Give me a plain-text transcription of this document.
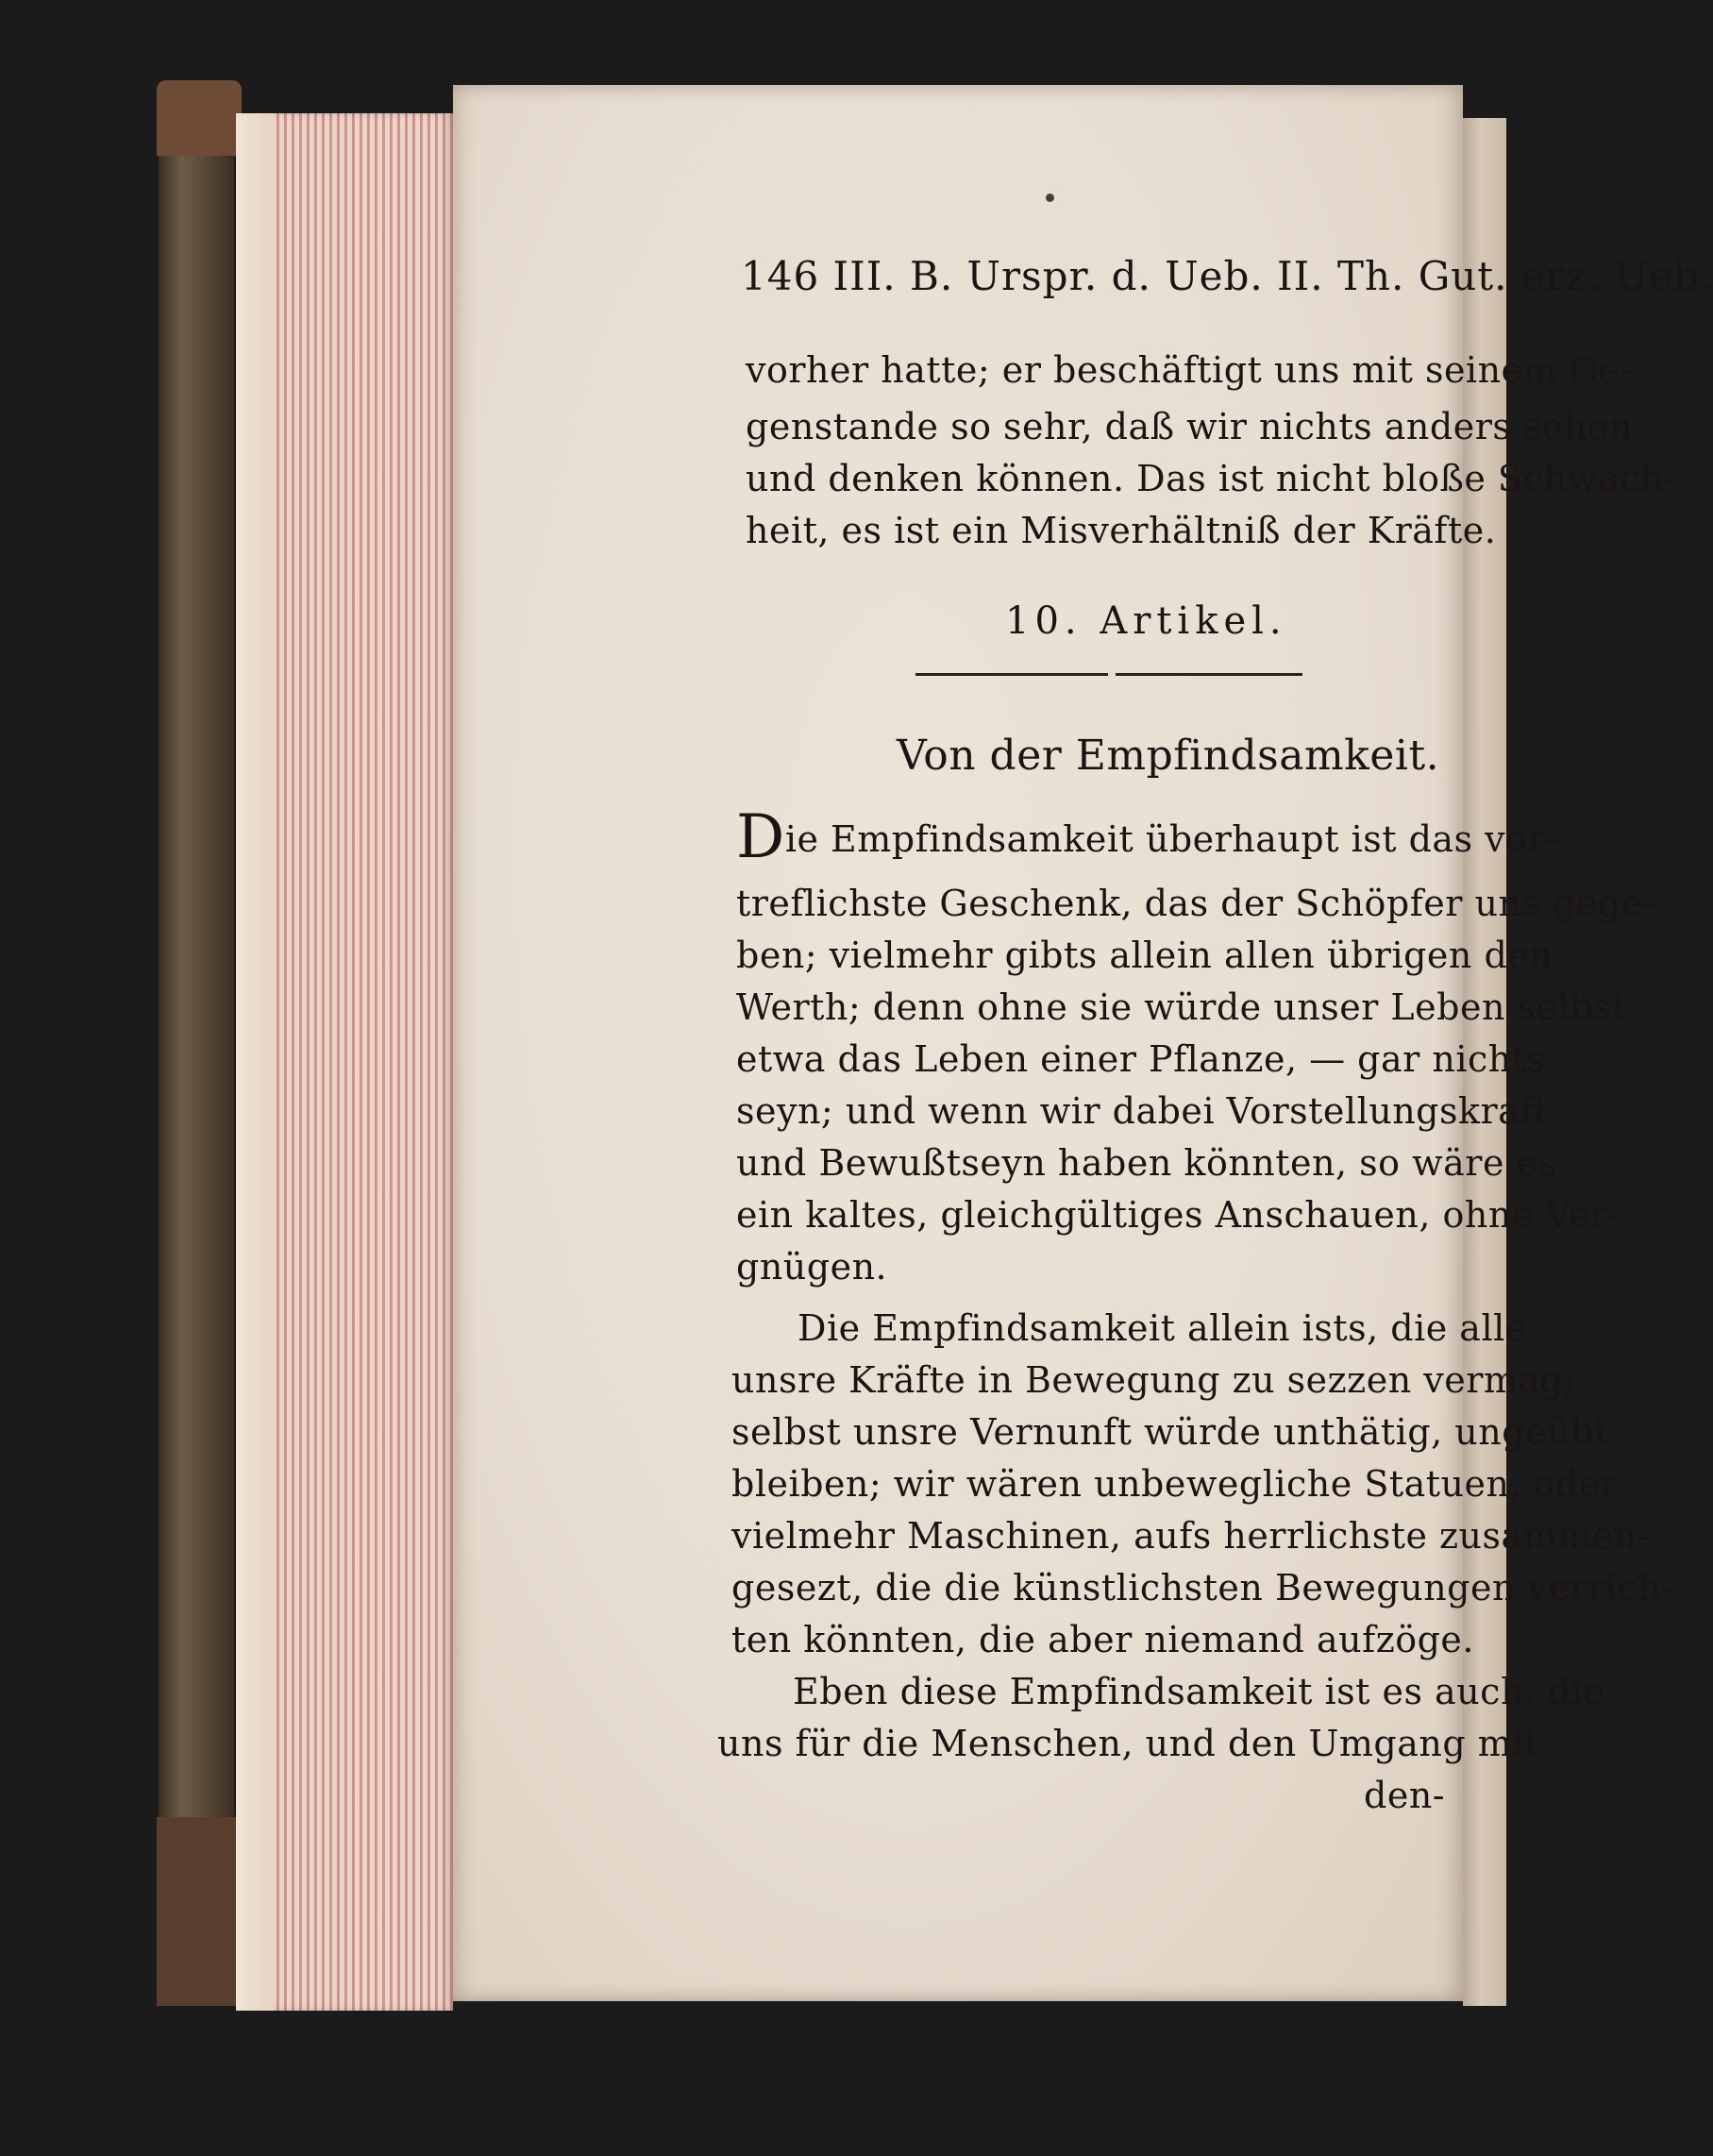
146 III. B. Urspr. d. Ueb. II. Th. Gut. erz. Ueb.
vorher hatte; er beschäftigt uns mit seinem Ge-
genstande so sehr, daß wir nichts anders sehen
und denken können. Das ist nicht bloße Schwach-
heit, es ist ein Misverhältniß der Kräfte.
10. Artikel.
Von der Empfindsamkeit.
Die Empfindsamkeit überhaupt ist das vor-
treflichste Geschenk, das der Schöpfer uns gege-
ben; vielmehr gibts allein allen übrigen den
Werth; denn ohne sie würde unser Leben selbst
etwa das Leben einer Pflanze, — gar nichts
seyn; und wenn wir dabei Vorstellungskraft
und Bewußtseyn haben könnten, so wäre es
ein kaltes, gleichgültiges Anschauen, ohne Ver-
gnügen.
Die Empfindsamkeit allein ists, die alle
unsre Kräfte in Bewegung zu sezzen vermag;
selbst unsre Vernunft würde unthätig, ungeübt
bleiben; wir wären unbewegliche Statuen, oder
vielmehr Maschinen, aufs herrlichste zusammen-
gesezt, die die künstlichsten Bewegungen verrich-
ten könnten, die aber niemand aufzöge.
Eben diese Empfindsamkeit ist es auch, die
uns für die Menschen, und den Umgang mit
den-
